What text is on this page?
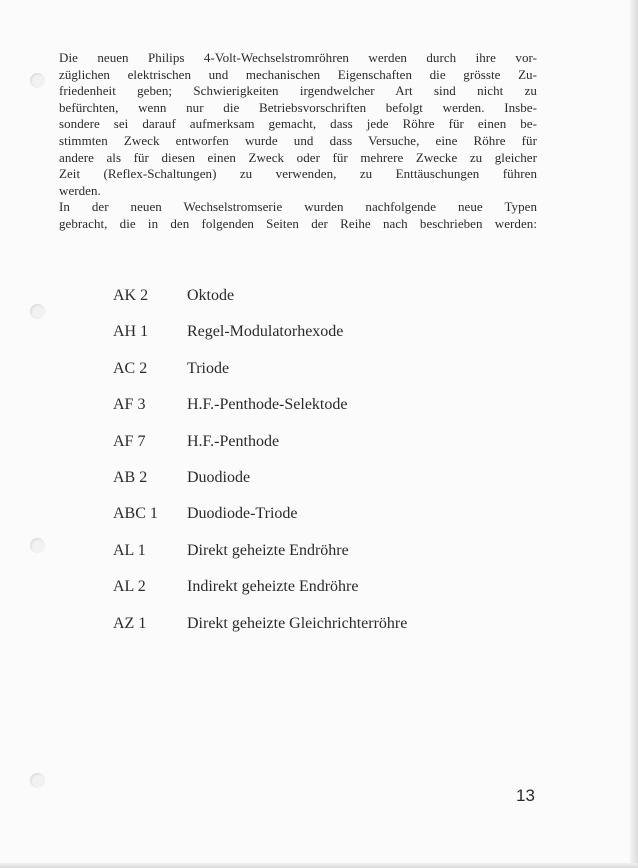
Die neuen Philips 4-Volt-Wechselstromröhren werden durch ihre vor-
züglichen elektrischen und mechanischen Eigenschaften die grösste Zu-
friedenheit geben; Schwierigkeiten irgendwelcher Art sind nicht zu
befürchten, wenn nur die Betriebsvorschriften befolgt werden. Insbe-
sondere sei darauf aufmerksam gemacht, dass jede Röhre für einen be-
stimmten Zweck entworfen wurde und dass Versuche, eine Röhre für
andere als für diesen einen Zweck oder für mehrere Zwecke zu gleicher
Zeit (Reflex-Schaltungen) zu verwenden, zu Enttäuschungen führen
werden.
In der neuen Wechselstromserie wurden nachfolgende neue Typen
gebracht, die in den folgenden Seiten der Reihe nach beschrieben werden:

AK 2	Oktode
AH 1	Regel-Modulatorhexode
AC 2	Triode
AF 3	H.F.-Penthode-Selektode
AF 7	H.F.-Penthode
AB 2	Duodiode
ABC 1	Duodiode-Triode
AL 1	Direkt geheizte Endröhre
AL 2	Indirekt geheizte Endröhre
AZ 1	Direkt geheizte Gleichrichterröhre
13
